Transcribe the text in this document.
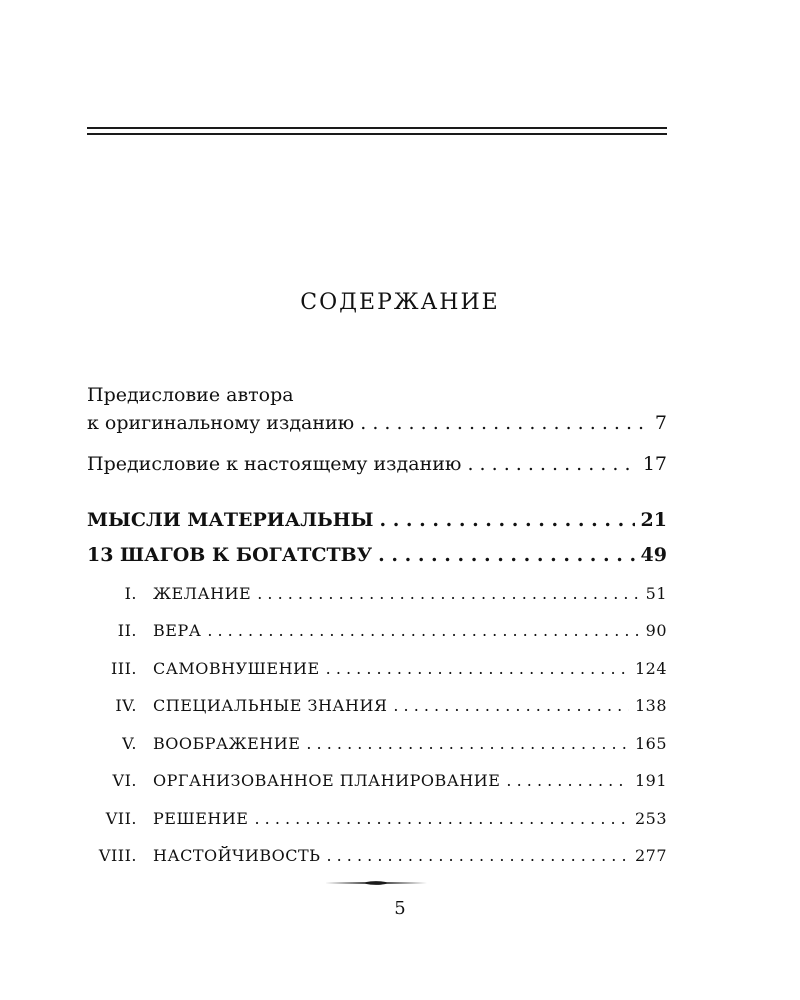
СОДЕРЖАНИЕ
Предисловие автора
к оригинальному изданию . . .	7
Предисловие к настоящему изданию . . .	17
МЫСЛИ МАТЕРИАЛЬНЫ . . .	21
13 ШАГОВ К БОГАТСТВУ . . .	49
I.	ЖЕЛАНИЕ . . .	51
II.	ВЕРА . . .	90
III.	САМОВНУШЕНИЕ . . .	124
IV.	СПЕЦИАЛЬНЫЕ ЗНАНИЯ . . .	138
V.	ВООБРАЖЕНИЕ . . .	165
VI.	ОРГАНИЗОВАННОЕ ПЛАНИРОВАНИЕ . . .	191
VII.	РЕШЕНИЕ . . .	253
VIII.	НАСТОЙЧИВОСТЬ . . .	277
5
